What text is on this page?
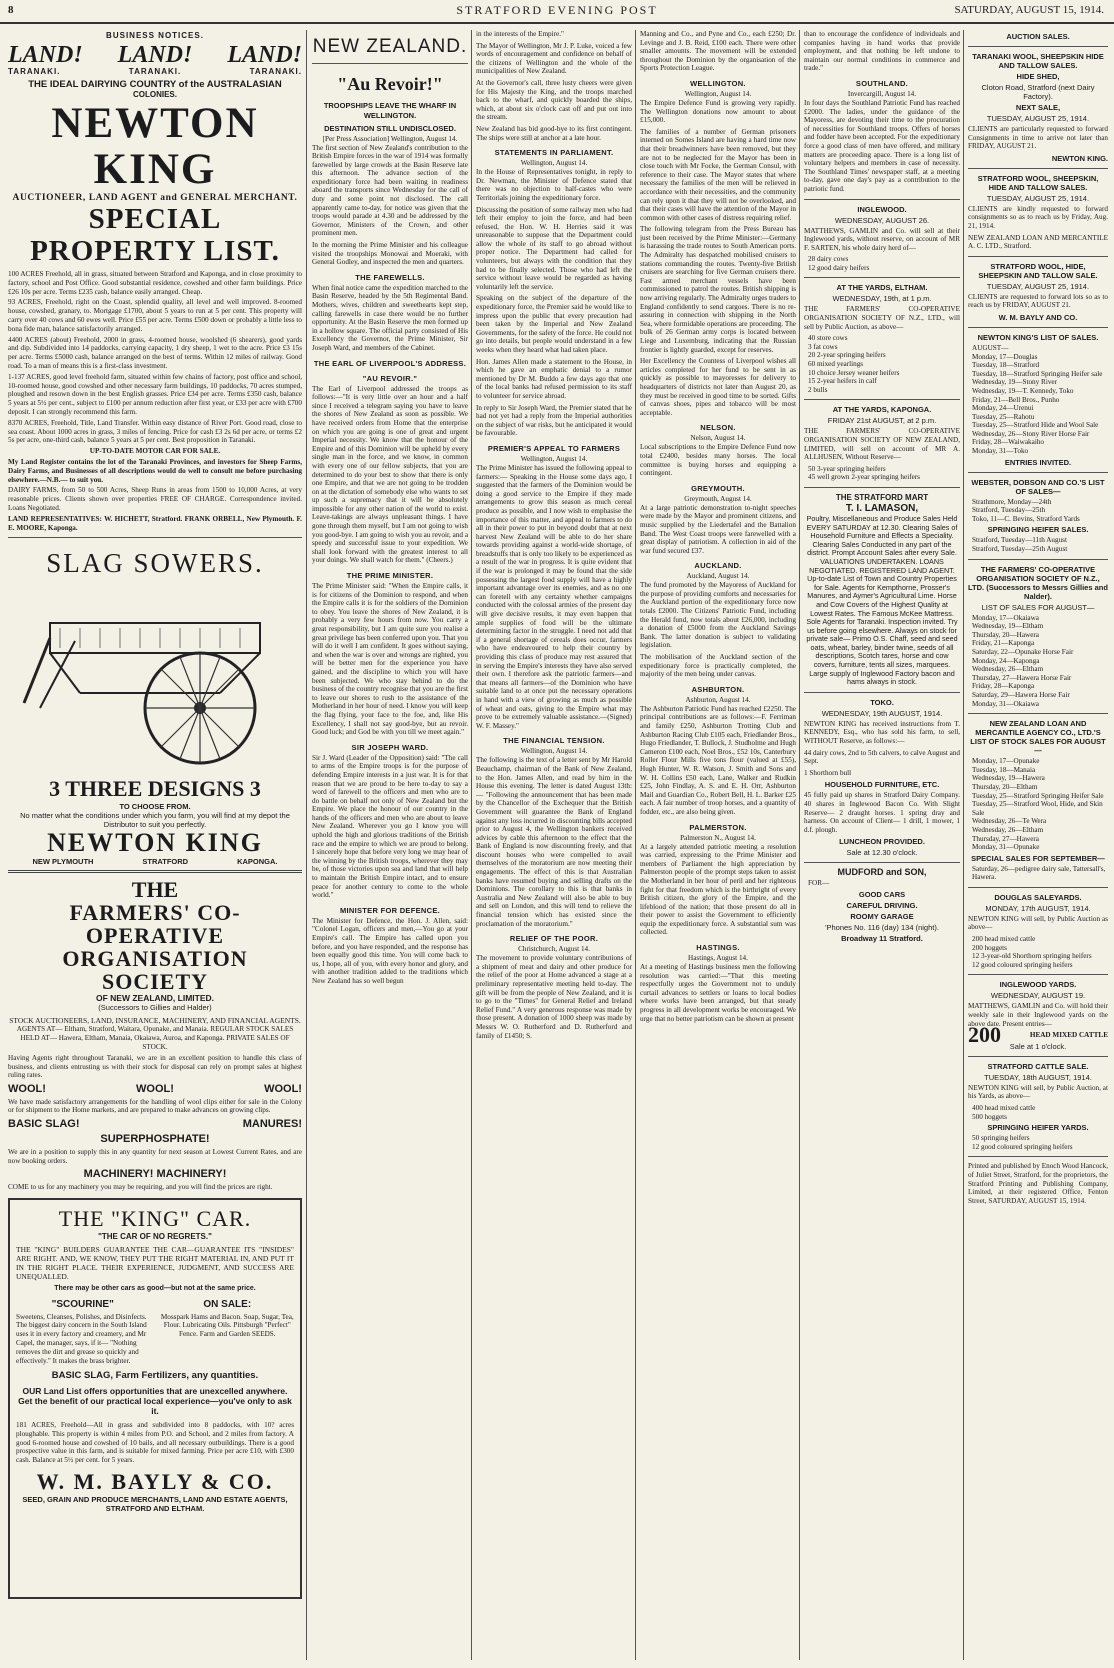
8	STRATFORD EVENING POST	SATURDAY, AUGUST 15, 1914.
BUSINESS NOTICES.
LAND! LAND! LAND!
TARANAKI.	TARANAKI.	TARANAKI.
THE IDEAL DAIRYING COUNTRY of the AUSTRALASIAN
COLONIES.
NEWTON KING
AUCTIONEER, LAND AGENT and GENERAL MERCHANT.
SPECIAL PROPERTY LIST.

100 ACRES Freehold, all in grass, situated between Stratford and Kaponga, and in close proximity to factory, school and Post Office. Good substantial residence, cowshed and other farm buildings. Price £26 10s per acre. Terms £235 cash, balance easily arranged. Cheap.

93 ACRES, Freehold, right on the Coast, splendid quality, all level and well improved. 8-roomed house, cowshed, granary, to. Mortgage £1700, about 5 years to run at 5 per cent. This property will carry over 40 cows and 60 ewes well. Price £55 per acre. Terms £500 down or probably a little less to bona fide man, balance satisfactorily arranged.

4400 ACRES (about) Freehold, 2000 in grass, 4-roomed house, woolshed (6 shearers), good yards and dip. Subdivided into 14 paddocks, carrying capacity, 1 dry sheep, 1 wet to the acre. Price £3 15s per acre. Terms £5000 cash, balance arranged on the best of terms. Within 12 miles of railway. Good road. To a man of means this is a first-class investment.

1-137 ACRES, good level freehold farm, situated within few chains of factory, post office and school, 10-roomed house, good cowshed and other necessary farm buildings, 10 paddocks, 70 acres stumped, ploughed and resown down in the best English grasses. Price £34 per acre. Terms £350 cash, balance 5 years at 5½ per cent., subject to £100 per annum reduction after first year, or £33 per acre with £700 deposit. I can strongly recommend this farm.

8370 ACRES, Freehold, Title, Land Transfer. Within easy distance of River Port. Good road, close to sea coast. About 1000 acres in grass, 3 miles of fencing. Price for cash £3 2s 6d per acre, or terms £2 5s per acre, one-third cash, balance 5 years at 5 per cent. Best proposition in Taranaki.

UP-TO-DATE MOTOR CAR FOR SALE.

My Land Register contains the lot of the Taranaki Provinces, and investors for Sheep Farms, Dairy Farms, and Businesses of all descriptions would do well to consult me before purchasing elsewhere.—N.B.— to suit you.

DAIRY FARMS, from 50 to 500 Acres, Sheep Runs in areas from 1500 to 10,000 Acres, at very reasonable prices. Clients shown over properties FREE OF CHARGE. Correspondence invited. Loans Negotiated.

LAND REPRESENTATIVES: W. HICHETT, Stratford. FRANK ORBELL, New Plymouth. F. E. MOORE, Kaponga.

SLAG SOWERS.
3 THREE DESIGNS 3
TO CHOOSE FROM.
No matter what the conditions under which you farm, you will find at my depot the Distributor to suit you perfectly.
NEWTON KING
NEW PLYMOUTH	STRATFORD	KAPONGA.
THE
FARMERS' CO-OPERATIVE
ORGANISATION SOCIETY
OF NEW ZEALAND, LIMITED.
(Successors to Gillies and Halder)
STOCK AUCTIONEERS, LAND, INSURANCE, MACHINERY, AND FINANCIAL AGENTS.

AGENTS AT— Eltham, Stratford, Waitara, Opunake, and Manaia. REGULAR STOCK SALES HELD AT— Hawera, Eltham, Manaia, Okaiawa, Auroa, and Kaponga. PRIVATE SALES OF STOCK.

Having Agents right throughout Taranaki, we are in an excellent position to handle this class of business, and clients entrusting us with their stock for disposal can rely on prompt sales at highest ruling rates.

WOOL!	WOOL!	WOOL!

We have made satisfactory arrangements for the handling of wool clips either for sale in the Colony or for shipment to the Home markets, and are prepared to make advances on growing clips.

BASIC SLAG!	MANURES!
SUPERPHOSPHATE!

We are in a position to supply this in any quantity for next season at Lowest Current Rates, and are now booking orders.

MACHINERY! MACHINERY!

COME to us for any machinery you may be requiring, and you will find the prices are right.

THE "KING" CAR.
"THE CAR OF NO REGRETS."
THE "KING" BUILDERS GUARANTEE THE CAR—GUARANTEE ITS "INSIDES" ARE RIGHT. AND, WE KNOW, THEY PUT THE RIGHT MATERIAL IN, AND PUT IT IN THE RIGHT PLACE. THEIR EXPERIENCE, JUDGMENT, AND SUCCESS ARE UNEQUALLED.
There may be other cars as good—but not at the same price.
"SCOURINE"
Sweetens, Cleanses, Polishes, and Disinfects. The biggest dairy concern in the South Island uses it in every factory and creamery, and Mr Capel, the manager, says, if it— "Nothing removes the dirt and grease so quickly and effectively." It makes the brass brighter.
ON SALE:
Mosspark Hams and Bacon. Soap, Sugar, Tea, Flour. Lubricating Oils. Pittsburgh "Perfect" Fence. Farm and Garden SEEDS.
BASIC SLAG, Farm Fertilizers, any quantities.
OUR Land List offers opportunities that are unexcelled anywhere. Get the benefit of our practical local experience—you've only to ask it.

181 ACRES, Freehold—All in grass and subdivided into 8 paddocks, with 10? acres ploughable. This property is within 4 miles from P.O. and School, and 2 miles from factory. A good 6-roomed house and cowshed of 10 bails, and all necessary outbuildings. There is a good prospective value in this farm, and is suitable for mixed farming. Price per acre £10, with £300 cash. Balance at 5½ per cent. for 5 years.

W. M. BAYLY & CO.
SEED, GRAIN AND PRODUCE MERCHANTS, LAND AND ESTATE AGENTS, STRATFORD AND ELTHAM.
NEW ZEALAND.
"Au Revoir!"
TROOPSHIPS LEAVE THE WHARF IN WELLINGTON.
DESTINATION STILL UNDISCLOSED.
[Per Press Association] Wellington, August 14.

The first section of New Zealand's contribution to the British Empire forces in the war of 1914 was formally farewelled by large crowds at the Basin Reserve late this afternoon. The advance section of the expeditionary force had been waiting in readiness aboard the transports since Wednesday for the call of duty and some point not disclosed. The call apparently came to-day, for notice was given that the troops would parade at 4.30 and be addressed by the Governor, Ministers of the Crown, and other prominent men.

In the morning the Prime Minister and his colleague visited the troopships Monowai and Moeraki, with General Godley, and inspected the men and quarters.

THE FAREWELLS.

When final notice came the expedition marched to the Basin Reserve, headed by the 5th Regimental Band. Mothers, wives, children and sweethearts kept step, calling farewells in case there would be no further opportunity. At the Basin Reserve the men formed up in a hollow square. The official party consisted of His Excellency the Governor, the Prime Minister, Sir Joseph Ward, and members of the Cabinet.

THE EARL OF LIVERPOOL'S ADDRESS.
"AU REVOIR."

The Earl of Liverpool addressed the troops as follows:—"It is very little over an hour and a half since I received a telegram saying you have to leave the shores of New Zealand as soon as possible. We have received orders from Home that the enterprise on which you are going is one of great and urgent Imperial necessity. We know that the honour of the Empire and of this Dominion will be upheld by every single man in the force, and we know, in common with every one of our fellow subjects, that you are determined to do your best to show that there is only one Empire, and that we are not going to be trodden on at the dictation of somebody else who wants to set up such a supremacy that it will be absolutely impossible for any other nation of the world to exist. Leave-takings are always unpleasant things. I have gone through them myself, but I am not going to wish you good-bye. I am going to wish you au revoir, and a speedy and successful issue to your expedition. We shall look forward with the greatest interest to all your doings. We shall watch for them." (Cheers.)

THE PRIME MINISTER.

The Prime Minister said: "When the Empire calls, it is for citizens of the Dominion to respond, and when the Empire calls it is for the soldiers of the Dominion to obey. You leave the shores of New Zealand, it is probably a very few hours from now. You carry a great responsibility, but I am quite sure you realise a great privilege has been conferred upon you. That you will do it well I am confident. It goes without saying, and when the war is over and wrongs are righted, you will be better men for the experience you have gained, and the discipline to which you will have been subjected. We who stay behind to do the business of the country recognise that you are the first to leave our shores to rush to the assistance of the Motherland in her hour of need. I know you will keep the flag flying, your face to the foe, and, like His Excellency, I shall not say good-bye, but au revoir. Good luck; and God be with you till we meet again."

SIR JOSEPH WARD.

Sir J. Ward (Leader of the Opposition) said: "The call to arms of the Empire troops is for the purpose of defending Empire interests in a just war. It is for that reason that we are proud to be here to-day to say a word of farewell to the officers and men who are to do battle on behalf not only of New Zealand but the Empire. We place the honour of our country in the hands of the officers and men who are about to leave New Zealand. Wherever you go I know you will uphold the high and glorious traditions of the British race and the empire to which we are proud to belong. I sincerely hope that before very long we may hear of the winning by the British troops, wherever they may be, of those victories upon sea and land that will help to maintain the British Empire intact, and to ensure peace for another century to come to the whole world."

MINISTER FOR DEFENCE.

The Minister for Defence, the Hon. J. Allen, said: "Colonel Logan, officers and men,—You go at your Empire's call. The Empire has called upon you before, and you have responded, and the response has been equally good this time. You will come back to us, I hope, all of you, with every honor and glory, and with another tradition added to the traditions which New Zealand has so well begun

in the interests of the Empire."

The Mayor of Wellington, Mr J. P. Luke, voiced a few words of encouragement and confidence on behalf of the citizens of Wellington and the whole of the municipalities of New Zealand.

At the Governor's call, three lusty cheers were given for His Majesty the King, and the troops marched back to the wharf, and quickly boarded the ships, which, at about six o'clock cast off and put out into the stream.

New Zealand has bid good-bye to its first contingent. The ships were still at anchor at a late hour.

STATEMENTS IN PARLIAMENT.
Wellington, August 14.

In the House of Representatives tonight, in reply to Dr. Newman, the Minister of Defence stated that there was no objection to half-castes who were Territorials joining the expeditionary force.

Discussing the position of some railway men who had left their employ to join the force, and had been refused, the Hon. W. H. Herries said it was unreasonable to suppose that the Department could allow the whole of its staff to go abroad without proper notice. The Department had called for volunteers, but always with the condition that they had to be finally selected. Those who had left the service without leave would be regarded as having voluntarily left the service.

Speaking on the subject of the departure of the expeditionary force, the Premier said he would like to impress upon the public that every precaution had been taken by the Imperial and New Zealand Governments, for the safety of the force. He could not go into details, but people would understand in a few weeks when they heard what had taken place.

Hon. James Allen made a statement to the House, in which he gave an emphatic denial to a rumor mentioned by Dr M. Buddo a few days ago that one of the local banks had refused permission to its staff to volunteer for service abroad.

In reply to Sir Joseph Ward, the Premier stated that he had not yet had a reply from the Imperial authorities on the subject of war risks, but he anticipated it would be favourable.

PREMIER'S APPEAL TO FARMERS
Wellington, August 14.

The Prime Minister has issued the following appeal to farmers:— Speaking in the House some days ago, I suggested that the farmers of the Dominion would be doing a good service to the Empire if they made arrangements to grow this season as much cereal produce as possible, and I now wish to emphasise the importance of this matter, and appeal to farmers to do all in their power to put in beyond doubt that at next harvest New Zealand will be able to do her share towards providing against a world-wide shortage, of breadstuffs that is only too likely to be experienced as a result of the war in progress. It is quite evident that if the war is prolonged it may be found that the side possessing the largest food supply will have a highly important advantage over its enemies, and as no one can foretell with any certainty whether campaigns conducted with the colossal armies of the present day will give decisive results, it may even happen that ample supplies of food will be the ultimate determining factor in the struggle. I need not add that if a general shortage of cereals does occur, farmers who have endeavoured to help their country by providing this class of produce may rest assured that in serving the Empire's interests they have also served their own. I therefore ask the patriotic farmers—and that means all farmers—of the Dominion who have suitable land to at once put the necessary operations in hand with a view of growing as much as possible of wheat and oats, giving to the Empire what may prove to be extremely valuable assistance.—(Signed) W. F. Massey."

THE FINANCIAL TENSION.
Wellington, August 14.

The following is the text of a letter sent by Mr Harold Beauchamp, chairman of the Bank of New Zealand, to the Hon. James Allen, and read by him in the House this evening. The letter is dated August 13th:— "Following the announcement that has been made by the Chancellor of the Exchequer that the British Government will guarantee the Bank of England against any loss incurred in discounting bills accepted prior to August 4, the Wellington bankers received advices by cable this afternoon to the effect that the Bank of England is now discounting freely, and that discount houses who were compelled to avail themselves of the moratorium are now meeting their engagements. The effect of this is that Australian banks have resumed buying and selling drafts on the Dominions. The corollary to this is that banks in Australia and New Zealand will also be able to buy and sell on London, and this will tend to relieve the financial tension which has existed since the proclamation of the moratorium."

RELIEF OF THE POOR.
Christchurch, August 14.

The movement to provide voluntary contributions of a shipment of meat and dairy and other produce for the relief of the poor at Home advanced a stage at a preliminary representative meeting held to-day. The gift will be from the people of New Zealand, and it is to go to the "Times" for General Relief and Ireland Relief Fund." A very generous response was made by those present. A donation of 1000 sheep was made by Messrs W. O. Rutherford and D. Rutherford and family of £1450; S.

Manning and Co., and Pyne and Co., each £250; Dr. Levinge and J. B. Reid, £100 each. There were other smaller amounts. The movement will be extended throughout the Dominion by the organisation of the Sports Protection League.

WELLINGTON.
Wellington, August 14.

The Empire Defence Fund is growing very rapidly. The Wellington donations now amount to about £15,000.

The families of a number of German prisoners interned on Somes Island are having a hard time now that their breadwinners have been removed, but they are not to be neglected for the Mayor has been in close touch with Mr Focke, the German Consul, with reference to their case. The Mayor states that where necessary the families of the men will be relieved in accordance with their necessities, and the community can rely upon it that they will not be overlooked, and that their cases will have the attention of the Mayor in common with other cases of distress requiring relief.

The following telegram from the Press Bureau has just been received by the Prime Minister:—Germany is harassing the trade routes to South American ports. The Admiralty has despatched mobilised cruisers to stations commanding the routes. Twenty-five British cruisers are searching for five German cruisers there. Fast armed merchant vessels have been commissioned to patrol the routes. British shipping is now arriving regularly. The Admiralty urges traders to England confidently to send cargoes. There is no re-assuring in connection with shipping in the North Sea, where formidable operations are proceeding. The bulk of 26 German army corps is located between Liege and Luxemburg, indicating that the Russian frontier is lightly guarded, except for reserves.

Her Excellency the Countess of Liverpool wishes all articles completed for her fund to be sent in as quickly as possible to mayoresses for delivery to headquarters of districts not later than August 20, as they must be received in good time to be sorted. Gifts of canvas shoes, pipes and tobacco will be most acceptable.

NELSON.
Nelson, August 14.

Local subscriptions to the Empire Defence Fund now total £2400, besides many horses. The local committee is buying horses and equipping a contingent.

GREYMOUTH.
Greymouth, August 14.

At a large patriotic demonstration to-night speeches were made by the Mayor and prominent citizens, and music supplied by the Liedertafel and the Battalion Band. The West Coast troops were farewelled with a great display of patriotism. A collection in aid of the war fund secured £37.

AUCKLAND.
Auckland, August 14.

The fund promoted by the Mayoress of Auckland for the purpose of providing comforts and necessaries for the Auckland portion of the expeditionary force now totals £2000. The Citizens' Patriotic Fund, including the Herald fund, now totals about £26,000, including a donation of £5000 from the Auckland Savings Bank. The latter donation is subject to validating legislation.

The mobilisation of the Auckland section of the expeditionary force is practically completed, the majority of the men being under canvas.

ASHBURTON.
Ashburton, August 14.

The Ashburton Patriotic Fund has reached £2250. The principal contributions are as follows:—F. Ferriman and family £250, Ashburton Trotting Club and Ashburton Racing Club £105 each, Friedlander Bros., Hugo Friedlander, T. Bullock, J. Studholme and Hugh Cameron £100 each, Noel Bros., £52 10s, Canterbury Roller Flour Mills five tons flour (valued at £55), Hugh Hunter, W. R. Watson, J. Smith and Sons and W. H. Collins £50 each, Lane, Walker and Rudkin £25, John Findlay, A. S. and E. H. Orr, Ashburton Mail and Guardian Co., Robert Bell, H. L. Barker £25 each. A fair number of troop horses, and a quantity of fodder, etc., are also being given.

PALMERSTON.
Palmerston N., August 14.

At a largely attended patriotic meeting a resolution was carried, expressing to the Prime Minister and members of Parliament the high appreciation by Palmerston people of the prompt steps taken to assist the Motherland in her hour of peril and her righteous fight for that freedom which is the birthright of every British citizen, the glory of the Empire, and the lifeblood of the nation; that those present do all in their power to assist the Government to efficiently equip the expeditionary force. A substantial sum was collected.

HASTINGS.
Hastings, August 14.

At a meeting of Hastings business men the following resolution was carried:—"That this meeting respectfully urges the Government not to unduly curtail advances to settlers or loans to local bodies where works have been arranged, but that steady progress in all development works be encouraged. We urge that no better patriotism can be shown at present

than to encourage the confidence of individuals and companies having in hand works that provide employment, and that nothing be left undone to maintain our normal conditions in commerce and trade."

SOUTHLAND.
Invercargill, August 14.

In four days the Southland Patriotic Fund has reached £2000. The ladies, under the guidance of the Mayoress, are devoting their time to the procuration of necessities for Southland troops. Offers of horses and fodder have been accepted. For the expeditionary force a good class of men have offered, and military matters are proceeding apace. There is a long list of voluntary helpers and members in case of necessity. The Southland Times' newspaper staff, at a meeting to-day, gave one day's pay as a contribution to the patriotic fund.

INGLEWOOD.
WEDNESDAY, AUGUST 26.

MATTHEWS, GAMLIN and Co. will sell at their Inglewood yards, without reserve, on account of MR F. SARTEN, his whole dairy herd of—

28 dairy cows
12 good dairy heifers
AT THE YARDS, ELTHAM.
WEDNESDAY, 19th, at 1 p.m.

THE FARMERS' CO-OPERATIVE ORGANISATION SOCIETY OF N.Z., LTD., will sell by Public Auction, as above—

40 store cows
3 fat cows
20 2-year springing heifers
60 mixed yearlings
10 choice Jersey weaner heifers
15 2-year heifers in calf
2 bulls
AT THE YARDS, KAPONGA.
FRIDAY 21st AUGUST, at 2 p.m.

THE FARMERS' CO-OPERATIVE ORGANISATION SOCIETY OF NEW ZEALAND, LIMITED, will sell on account of MR A. ALLHUSEN, Without Reserve—

50 3-year springing heifers
45 well grown 2-year springing heifers
THE STRATFORD MART
T. I. LAMASON,

Poultry, Miscellaneous and Produce Sales Held EVERY SATURDAY at 12.30. Clearing Sales of Household Furniture and Effects a Speciality. Clearing Sales Conducted in any part of the district. Prompt Account Sales after every Sale. VALUATIONS UNDERTAKEN. LOANS NEGOTIATED. REGISTERED LAND AGENT. Up-to-date List of Town and Country Properties for Sale. Agents for Kempthorne, Prosser's Manures, and Aymer's Agricultural Lime. Horse and Cow Covers of the Highest Quality at Lowest Rates. The Famous McKee Mattress. Sole Agents for Taranaki. Inspection invited. Try us before going elsewhere. Always on stock for private sale— Primo O.S. Chaff, seed and seed oats, wheat, barley, binder twine, seeds of all descriptions, Scotch tares, horse and cow covers, furniture, tents all sizes, marquees. Large supply of Inglewood Factory bacon and hams always in stock.

TOKO.
WEDNESDAY, 19th AUGUST, 1914.

NEWTON KING has received instructions from T. KENNEDY, Esq., who has sold his farm, to sell, WITHOUT Reserve, as follows:—

44 dairy cows, 2nd to 5th calvers, to calve August and Sept.

1 Shorthorn bull

HOUSEHOLD FURNITURE, ETC.

45 fully paid up shares in Stratford Dairy Company. 40 shares in Inglewood Bacon Co. With Slight Reserve— 2 draught horses. 1 spring dray and harness. On account of Client— 1 drill, 1 mower, 1 d.f. plough.

LUNCHEON PROVIDED.
Sale at 12.30 o'clock.
MUDFORD and SON,
FOR—
GOOD CARS
CAREFUL DRIVING.
ROOMY GARAGE
'Phones No. 116 (day) 134 (night).
Broadway 11 Stratford.
AUCTION SALES.
TARANAKI WOOL, SHEEPSKIN HIDE AND TALLOW SALES.
HIDE SHED,
Cloton Road, Stratford (next Dairy Factory).
NEXT SALE,
TUESDAY, AUGUST 25, 1914.

CLIENTS are particularly requested to forward Consignments in time to arrive not later than FRIDAY, AUGUST 21.

NEWTON KING.
STRATFORD WOOL, SHEEPSKIN, HIDE AND TALLOW SALES.
TUESDAY, AUGUST 25, 1914.

CLIENTS are kindly requested to forward consignments so as to reach us by Friday, Aug. 21, 1914.

NEW ZEALAND LOAN AND MERCANTILE A. C. LTD., Stratford.

STRATFORD WOOL, HIDE, SHEEPSKIN AND TALLOW SALE.
TUESDAY, AUGUST 25, 1914.

CLIENTS are requested to forward lots so as to reach us by FRIDAY, AUGUST 21.

W. M. BAYLY AND CO.
NEWTON KING'S LIST OF SALES.
AUGUST—
Monday, 17—Douglas
Tuesday, 18—Stratford
Tuesday, 18—Stratford Springing Heifer sale
Wednesday, 19—Stony River
Wednesday, 19—T. Kennedy, Toko
Friday, 21—Bell Bros., Punho
Monday, 24—Urenui
Tuesday, 25—Rahotu
Tuesday, 25—Stratford Hide and Wool Sale
Wednesday, 26—Stony River Horse Fair
Friday, 28—Waiwakaiho
Monday, 31—Toko
ENTRIES INVITED.
WEBSTER, DOBSON AND CO.'S LIST OF SALES—
Strathmore, Monday—24th
Stratford, Tuesday—25th
Toko, 11—C. Bevins, Stratford Yards
SPRINGING HEIFER SALES.
Stratford, Tuesday—11th August
Stratford, Tuesday—25th August
THE FARMERS' CO-OPERATIVE ORGANISATION SOCIETY OF N.Z., LTD. (Successors to Messrs Gillies and Nalder).
LIST OF SALES FOR AUGUST—
Monday, 17—Okaiawa
Wednesday, 19—Eltham
Thursday, 20—Hawera
Friday, 21—Kaponga
Saturday, 22—Opunake Horse Fair
Monday, 24—Kaponga
Wednesday, 26—Eltham
Thursday, 27—Hawera Horse Fair
Friday, 28—Kaponga
Saturday, 29—Hawera Horse Fair
Monday, 31—Okaiawa
NEW ZEALAND LOAN AND MERCANTILE AGENCY CO., LTD.'S LIST OF STOCK SALES FOR AUGUST—
Monday, 17—Opunake
Tuesday, 18—Manaia
Wednesday, 19—Hawera
Thursday, 20—Eltham
Tuesday, 25—Stratford Springing Heifer Sale
Tuesday, 25—Stratford Wool, Hide, and Skin Sale
Wednesday, 26—Te Wera
Wednesday, 26—Eltham
Thursday, 27—Hawera
Monday, 31—Opunake
SPECIAL SALES FOR SEPTEMBER—
Saturday, 26—pedigree dairy sale, Tattersall's, Hawera.
DOUGLAS SALEYARDS.
MONDAY, 17th AUGUST, 1914.

NEWTON KING will sell, by Public Auction as above—

200 head mixed cattle
200 hoggets
12 3-year-old Shorthorn springing heifers
12 good coloured springing heifers
INGLEWOOD YARDS.
WEDNESDAY, AUGUST 19.

MATTHEWS, GAMLIN and Co. will hold their weekly sale in their Inglewood yards on the above date. Present entries—

200	HEAD MIXED CATTLE
Sale at 1 o'clock.
STRATFORD CATTLE SALE.
TUESDAY, 18th AUGUST, 1914.

NEWTON KING will sell, by Public Auction, at his Yards, as above—

400 head mixed cattle
500 hoggets
SPRINGING HEIFER YARDS.
50 springing heifers
12 good coloured springing heifers

Printed and published by Enoch Wood Hancock, of Juliet Street, Stratford, for the proprietors, the Stratford Printing and Publishing Company, Limited, at their registered Office, Fenton Street, SATURDAY, AUGUST 15, 1914.
